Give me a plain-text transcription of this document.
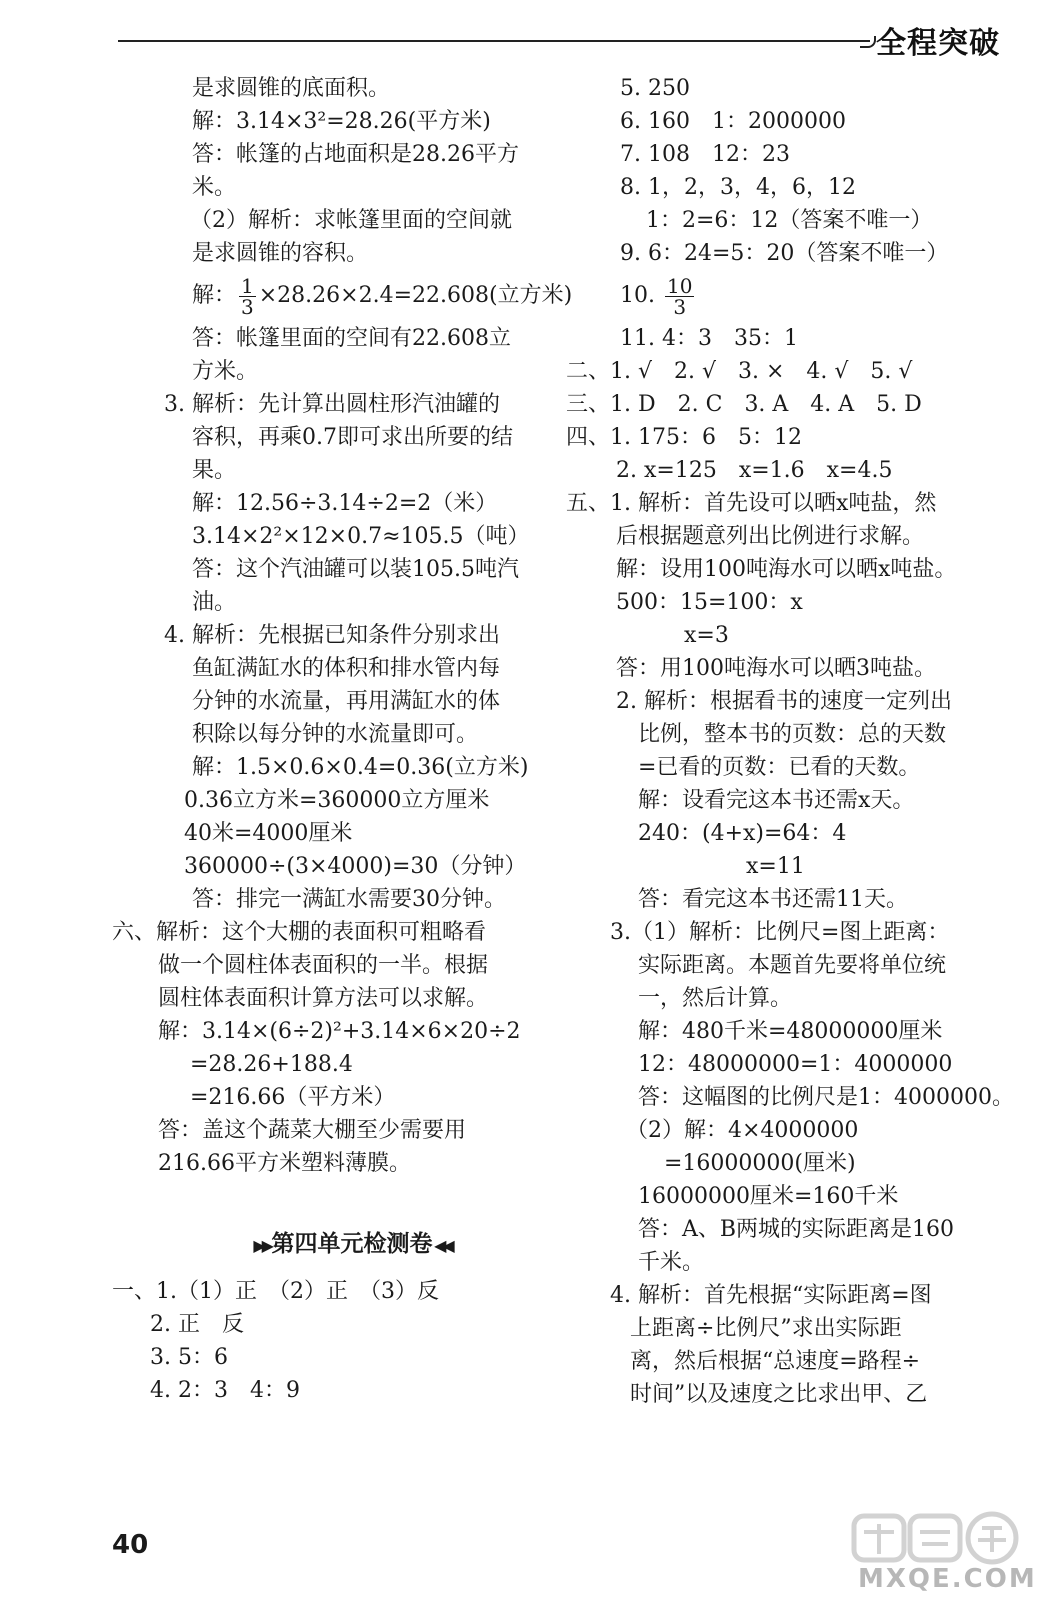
全程突破
是求圆锥的底面积。
解：3.14×3²=28.26(平方米)
答：帐篷的占地面积是28.26平方
米。
（2）解析：求帐篷里面的空间就
是求圆锥的容积。
解： $\frac{1}{3} \times 28.26\times 2.4=22.608$(立方米)
答：帐篷里面的空间有22.608立
方米。
3. 解析：先计算出圆柱形汽油罐的
容积，再乘0.7即可求出所要的结
果。
解：12.56÷3.14÷2=2（米）
3.14×2²×12×0.7≈105.5（吨）
答：这个汽油罐可以装105.5吨汽
油。
4. 解析：先根据已知条件分别求出
鱼缸满缸水的体积和排水管内每
分钟的水流量，再用满缸水的体
积除以每分钟的水流量即可。
解：1.5×0.6×0.4=0.36(立方米)
0.36立方米=360000立方厘米
40米=4000厘米
360000÷(3×4000)=30（分钟）
答：排完一满缸水需要30分钟。
六、解析：这个大棚的表面积可粗略看
做一个圆柱体表面积的一半。根据
圆柱体表面积计算方法可以求解。
解：3.14×(6÷2)²+3.14×6×20÷2
=28.26+188.4
=216.66（平方米）
答：盖这个蔬菜大棚至少需要用
216.66平方米塑料薄膜。
▶▶ 第四单元检测卷 ◀◀
一、1.（1）正　（2）正　（3）反
2. 正　反
3. 5：6
4. 2：3　4：9
5. 250
6. 160　1：2000000
7. 108　12：23
8. 1，2，3，4，6，12
1：2=6：12（答案不唯一）
9. 6：24=5：20（答案不唯一）
10. $\frac{10}{3}$
11. 4：3　35：1
二、1. √　2. √　3. ×　4. √　5. √
三、1. D　2. C　3. A　4. A　5. D
四、1. 175：6　5：12
2. x=125　x=1.6　x=4.5
五、1. 解析：首先设可以晒x吨盐，然
后根据题意列出比例进行求解。
解：设用100吨海水可以晒x吨盐。
500：15=100：x
x=3
答：用100吨海水可以晒3吨盐。
2. 解析：根据看书的速度一定列出
比例，整本书的页数：总的天数
=已看的页数：已看的天数。
解：设看完这本书还需x天。
240：(4+x)=64：4
x=11
答：看完这本书还需11天。
3.（1）解析：比例尺=图上距离：
实际距离。本题首先要将单位统
一，然后计算。
解：480千米=48000000厘米
12：48000000=1：4000000
答：这幅图的比例尺是1：4000000。
（2）解：4×4000000
=16000000(厘米)
16000000厘米=160千米
答：A、B两城的实际距离是160
千米。
4. 解析：首先根据“实际距离=图
上距离÷比例尺”求出实际距
离，然后根据“总速度=路程÷
时间”以及速度之比求出甲、乙
40
MXQE.COM
